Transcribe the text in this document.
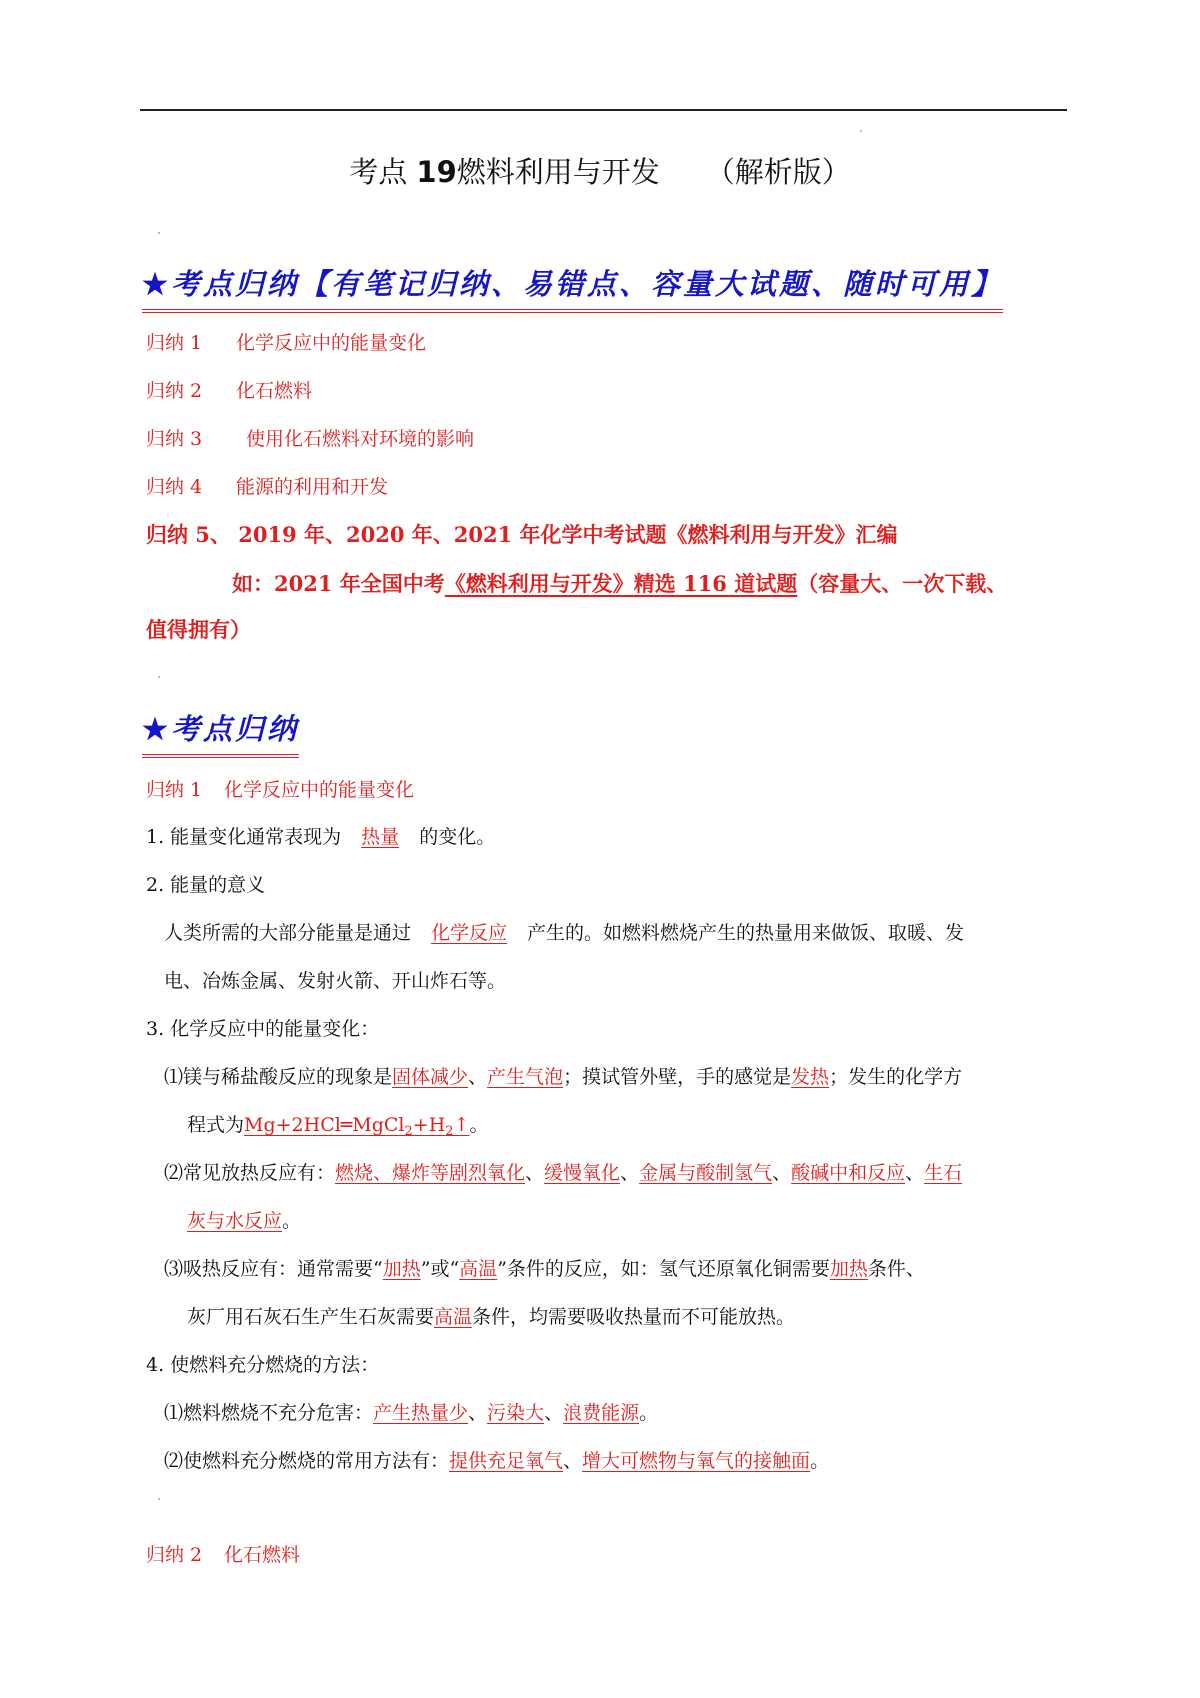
考点 19燃料利用与开发 （解析版）
★考点归纳【有笔记归纳、易错点、容量大试题、随时可用】
归纳 1 化学反应中的能量变化
归纳 2 化石燃料
归纳 3 使用化石燃料对环境的影响
归纳 4 能源的利用和开发
归纳 5、 2019 年、2020 年、2021 年化学中考试题《燃料利用与开发》汇编
如：2021 年全国中考《燃料利用与开发》精选 116 道试题（容量大、一次下载、
值得拥有）
★考点归纳
归纳 1 化学反应中的能量变化
1. 能量变化通常表现为 热量 的变化。
2. 能量的意义
人类所需的大部分能量是通过 化学反应 产生的。如燃料燃烧产生的热量用来做饭、取暖、发
电、冶炼金属、发射火箭、开山炸石等。
3. 化学反应中的能量变化：
⑴镁与稀盐酸反应的现象是固体减少、产生气泡；摸试管外壁，手的感觉是发热；发生的化学方
程式为$Mg+2HCl═MgCl_2+H_2↑$。
⑵常见放热反应有：燃烧、爆炸等剧烈氧化、缓慢氧化、金属与酸制氢气、酸碱中和反应、生石
灰与水反应。
⑶吸热反应有：通常需要“加热”或“高温”条件的反应，如：氢气还原氧化铜需要加热条件、
灰厂用石灰石生产生石灰需要高温条件，均需要吸收热量而不可能放热。
4. 使燃料充分燃烧的方法：
⑴燃料燃烧不充分危害：产生热量少、污染大、浪费能源。
⑵使燃料充分燃烧的常用方法有：提供充足氧气、增大可燃物与氧气的接触面。
归纳 2 化石燃料
